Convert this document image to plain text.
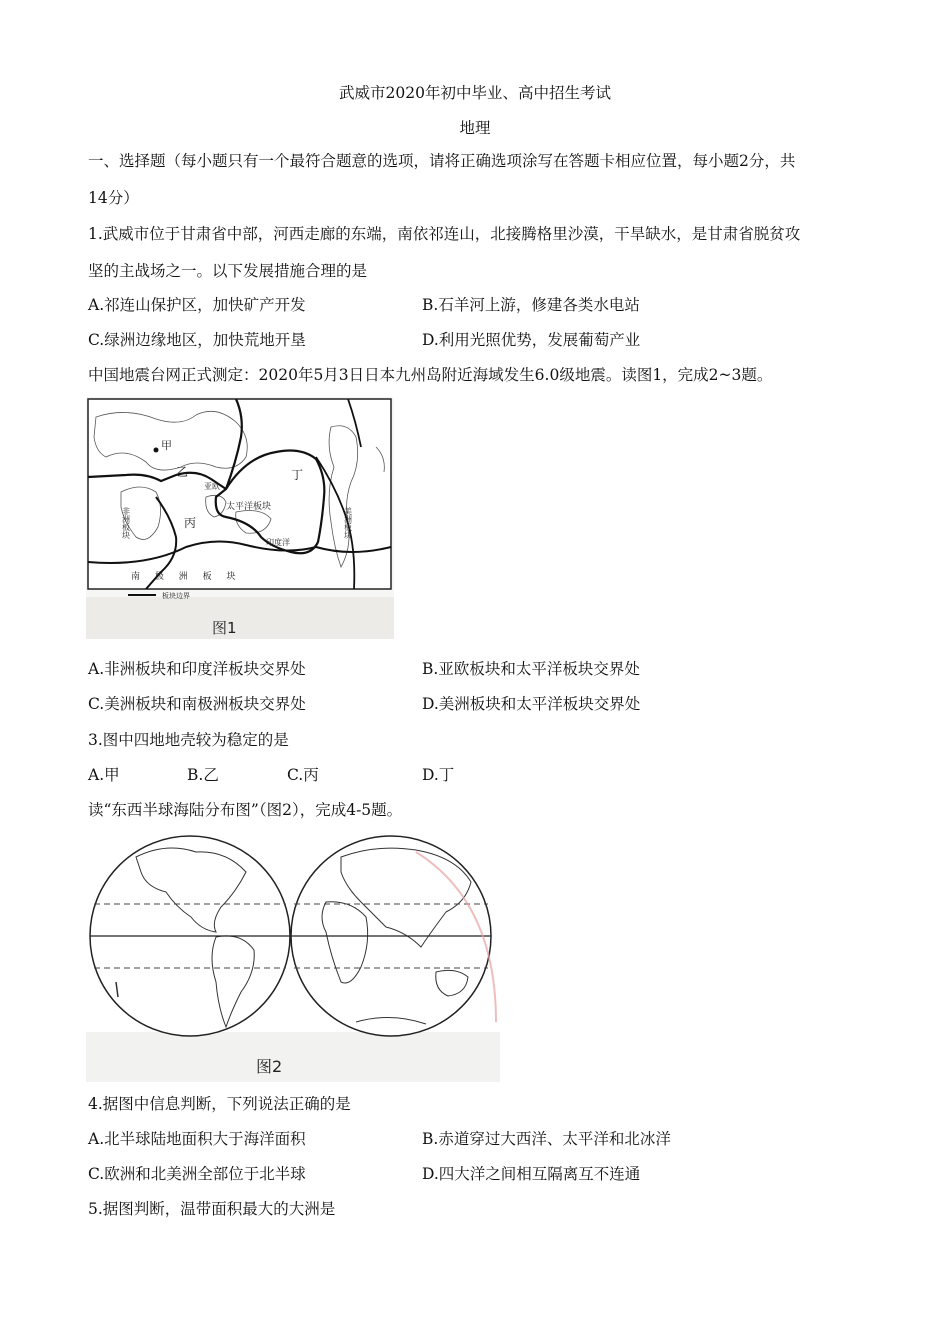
武威市2020年初中毕业、高中招生考试
地理
一、选择题（每小题只有一个最符合题意的选项，请将正确选项涂写在答题卡相应位置，每小题2分，共
14分）
1.武威市位于甘肃省中部，河西走廊的东端，南依祁连山，北接腾格里沙漠，干旱缺水，是甘肃省脱贫攻
坚的主战场之一。以下发展措施合理的是
A.祁连山保护区，加快矿产开发	B.石羊河上游，修建各类水电站
C.绿洲边缘地区，加快荒地开垦	D.利用光照优势，发展葡萄产业
中国地震台网正式测定：2020年5月3日日本九州岛附近海域发生6.0级地震。读图1，完成2~3题。
甲
乙
丙
丁
非洲板块	太平洋板块	美洲板块
亚欧
印度洋
南 极 洲 板 块
板块边界
图1
A.非洲板块和印度洋板块交界处	B.亚欧板块和太平洋板块交界处
C.美洲板块和南极洲板块交界处	D.美洲板块和太平洋板块交界处
3.图中四地地壳较为稳定的是
A.甲	B.乙	C.丙	D.丁
读“东西半球海陆分布图”（图2），完成4-5题。
图2
4.据图中信息判断，下列说法正确的是
A.北半球陆地面积大于海洋面积	B.赤道穿过大西洋、太平洋和北冰洋
C.欧洲和北美洲全部位于北半球	D.四大洋之间相互隔离互不连通
5.据图判断，温带面积最大的大洲是
